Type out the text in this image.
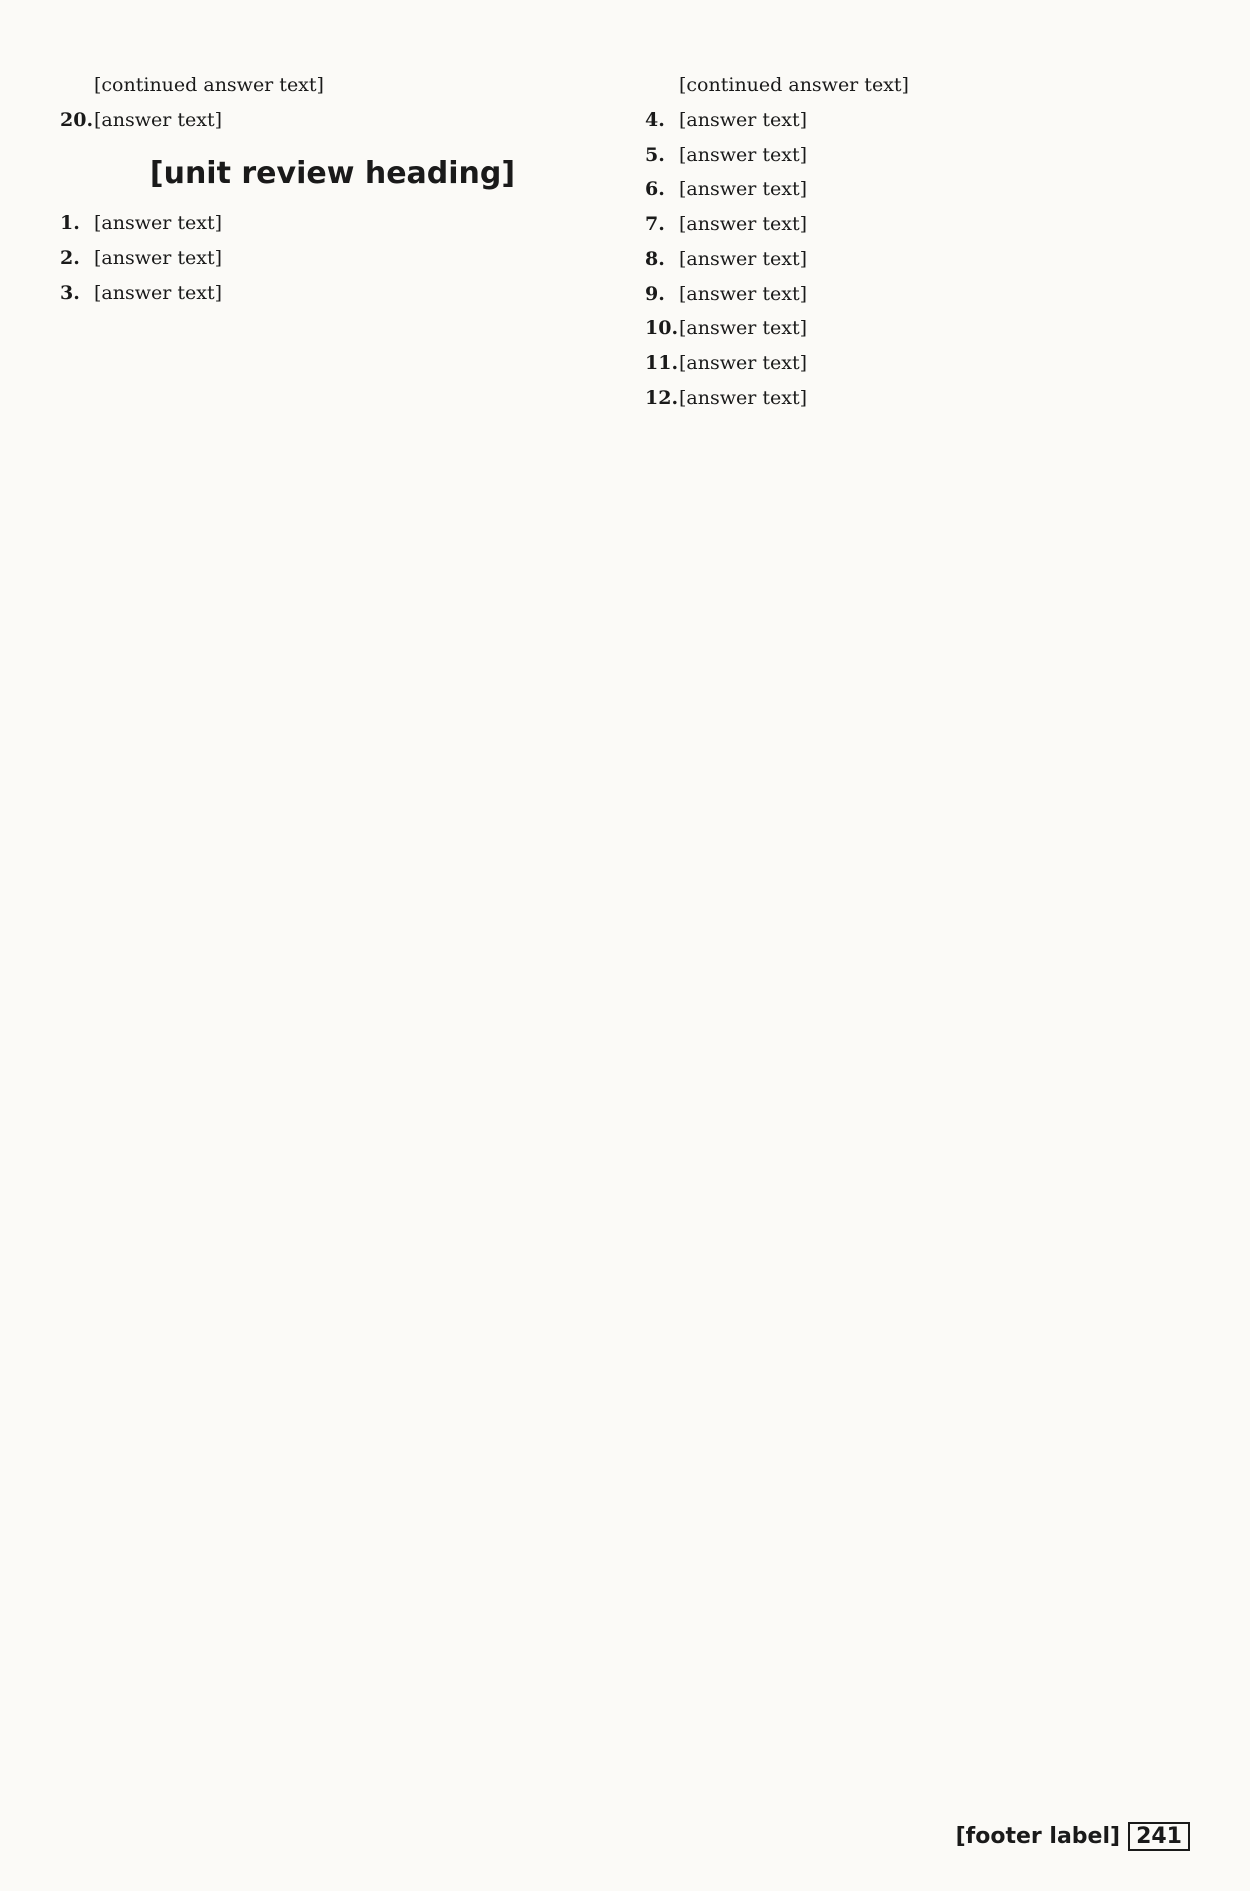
[continued answer text]

20.[answer text]

[unit review heading]

1. [answer text]

2. [answer text]

3. [answer text]

[continued answer text]

4. [answer text]

5. [answer text]

6. [answer text]

7. [answer text]

8. [answer text]

9. [answer text]

10.[answer text]

11.[answer text]

12.[answer text]

[footer label] 241
